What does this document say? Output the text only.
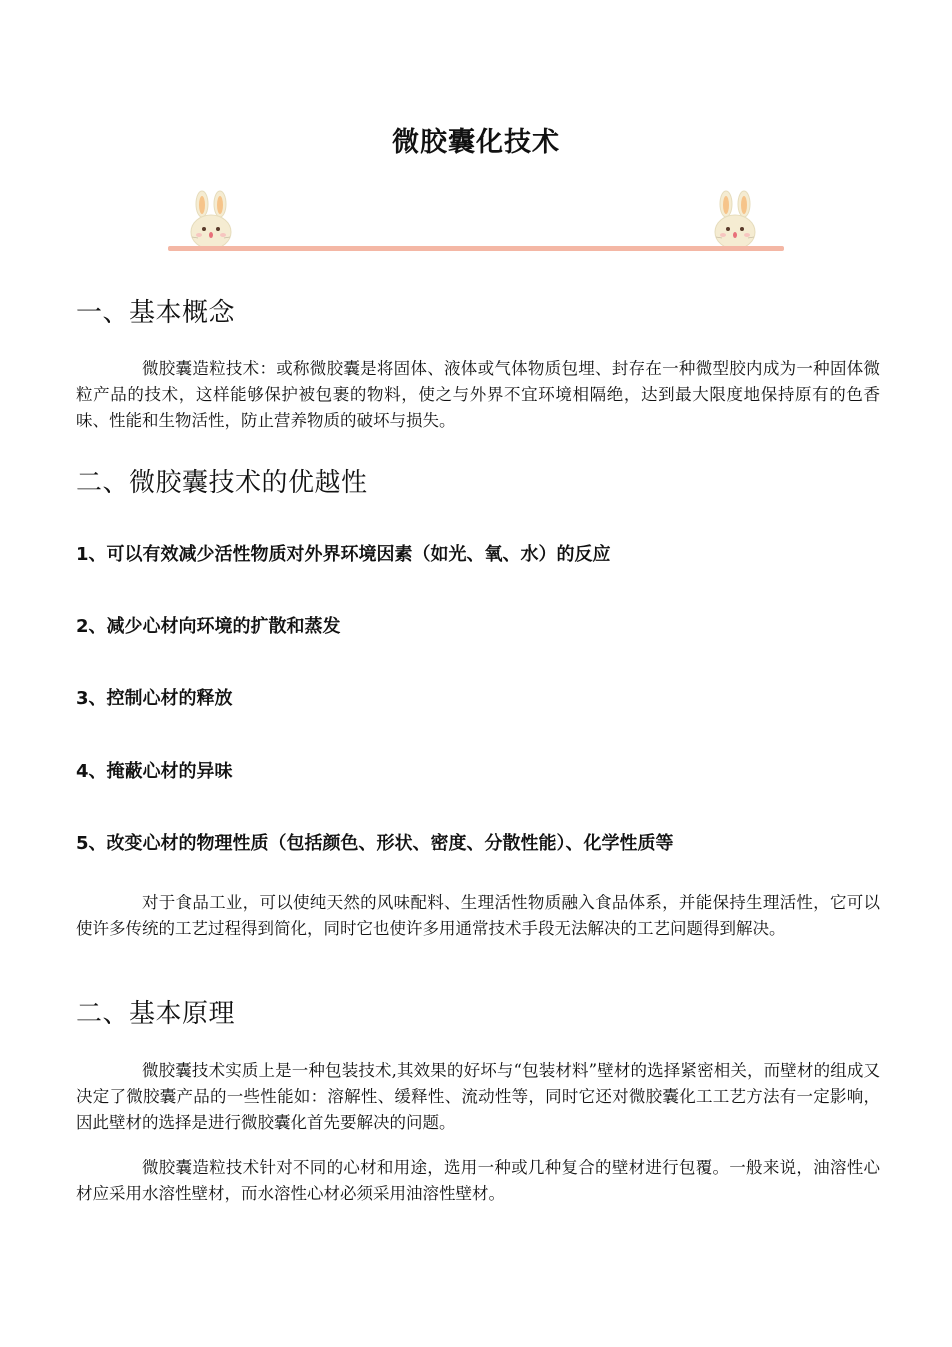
微胶囊化技术
一、基本概念

微胶囊造粒技术：或称微胶囊是将固体、液体或气体物质包埋、封存在一种微型胶内成为一种固体微粒产品的技术，这样能够保护被包裹的物料，使之与外界不宜环境相隔绝，达到最大限度地保持原有的色香味、性能和生物活性，防止营养物质的破坏与损失。

二、微胶囊技术的优越性

1、可以有效减少活性物质对外界环境因素（如光、氧、水）的反应

2、减少心材向环境的扩散和蒸发

3、控制心材的释放

4、掩蔽心材的异味

5、改变心材的物理性质（包括颜色、形状、密度、分散性能）、化学性质等

对于食品工业，可以使纯天然的风味配料、生理活性物质融入食品体系，并能保持生理活性，它可以使许多传统的工艺过程得到简化，同时它也使许多用通常技术手段无法解决的工艺问题得到解决。

二、基本原理

微胶囊技术实质上是一种包装技术,其效果的好坏与“包装材料”壁材的选择紧密相关，而壁材的组成又决定了微胶囊产品的一些性能如：溶解性、缓释性、流动性等，同时它还对微胶囊化工工艺方法有一定影响，因此壁材的选择是进行微胶囊化首先要解决的问题。

微胶囊造粒技术针对不同的心材和用途，选用一种或几种复合的壁材进行包覆。一般来说，油溶性心材应采用水溶性壁材，而水溶性心材必须采用油溶性壁材。
